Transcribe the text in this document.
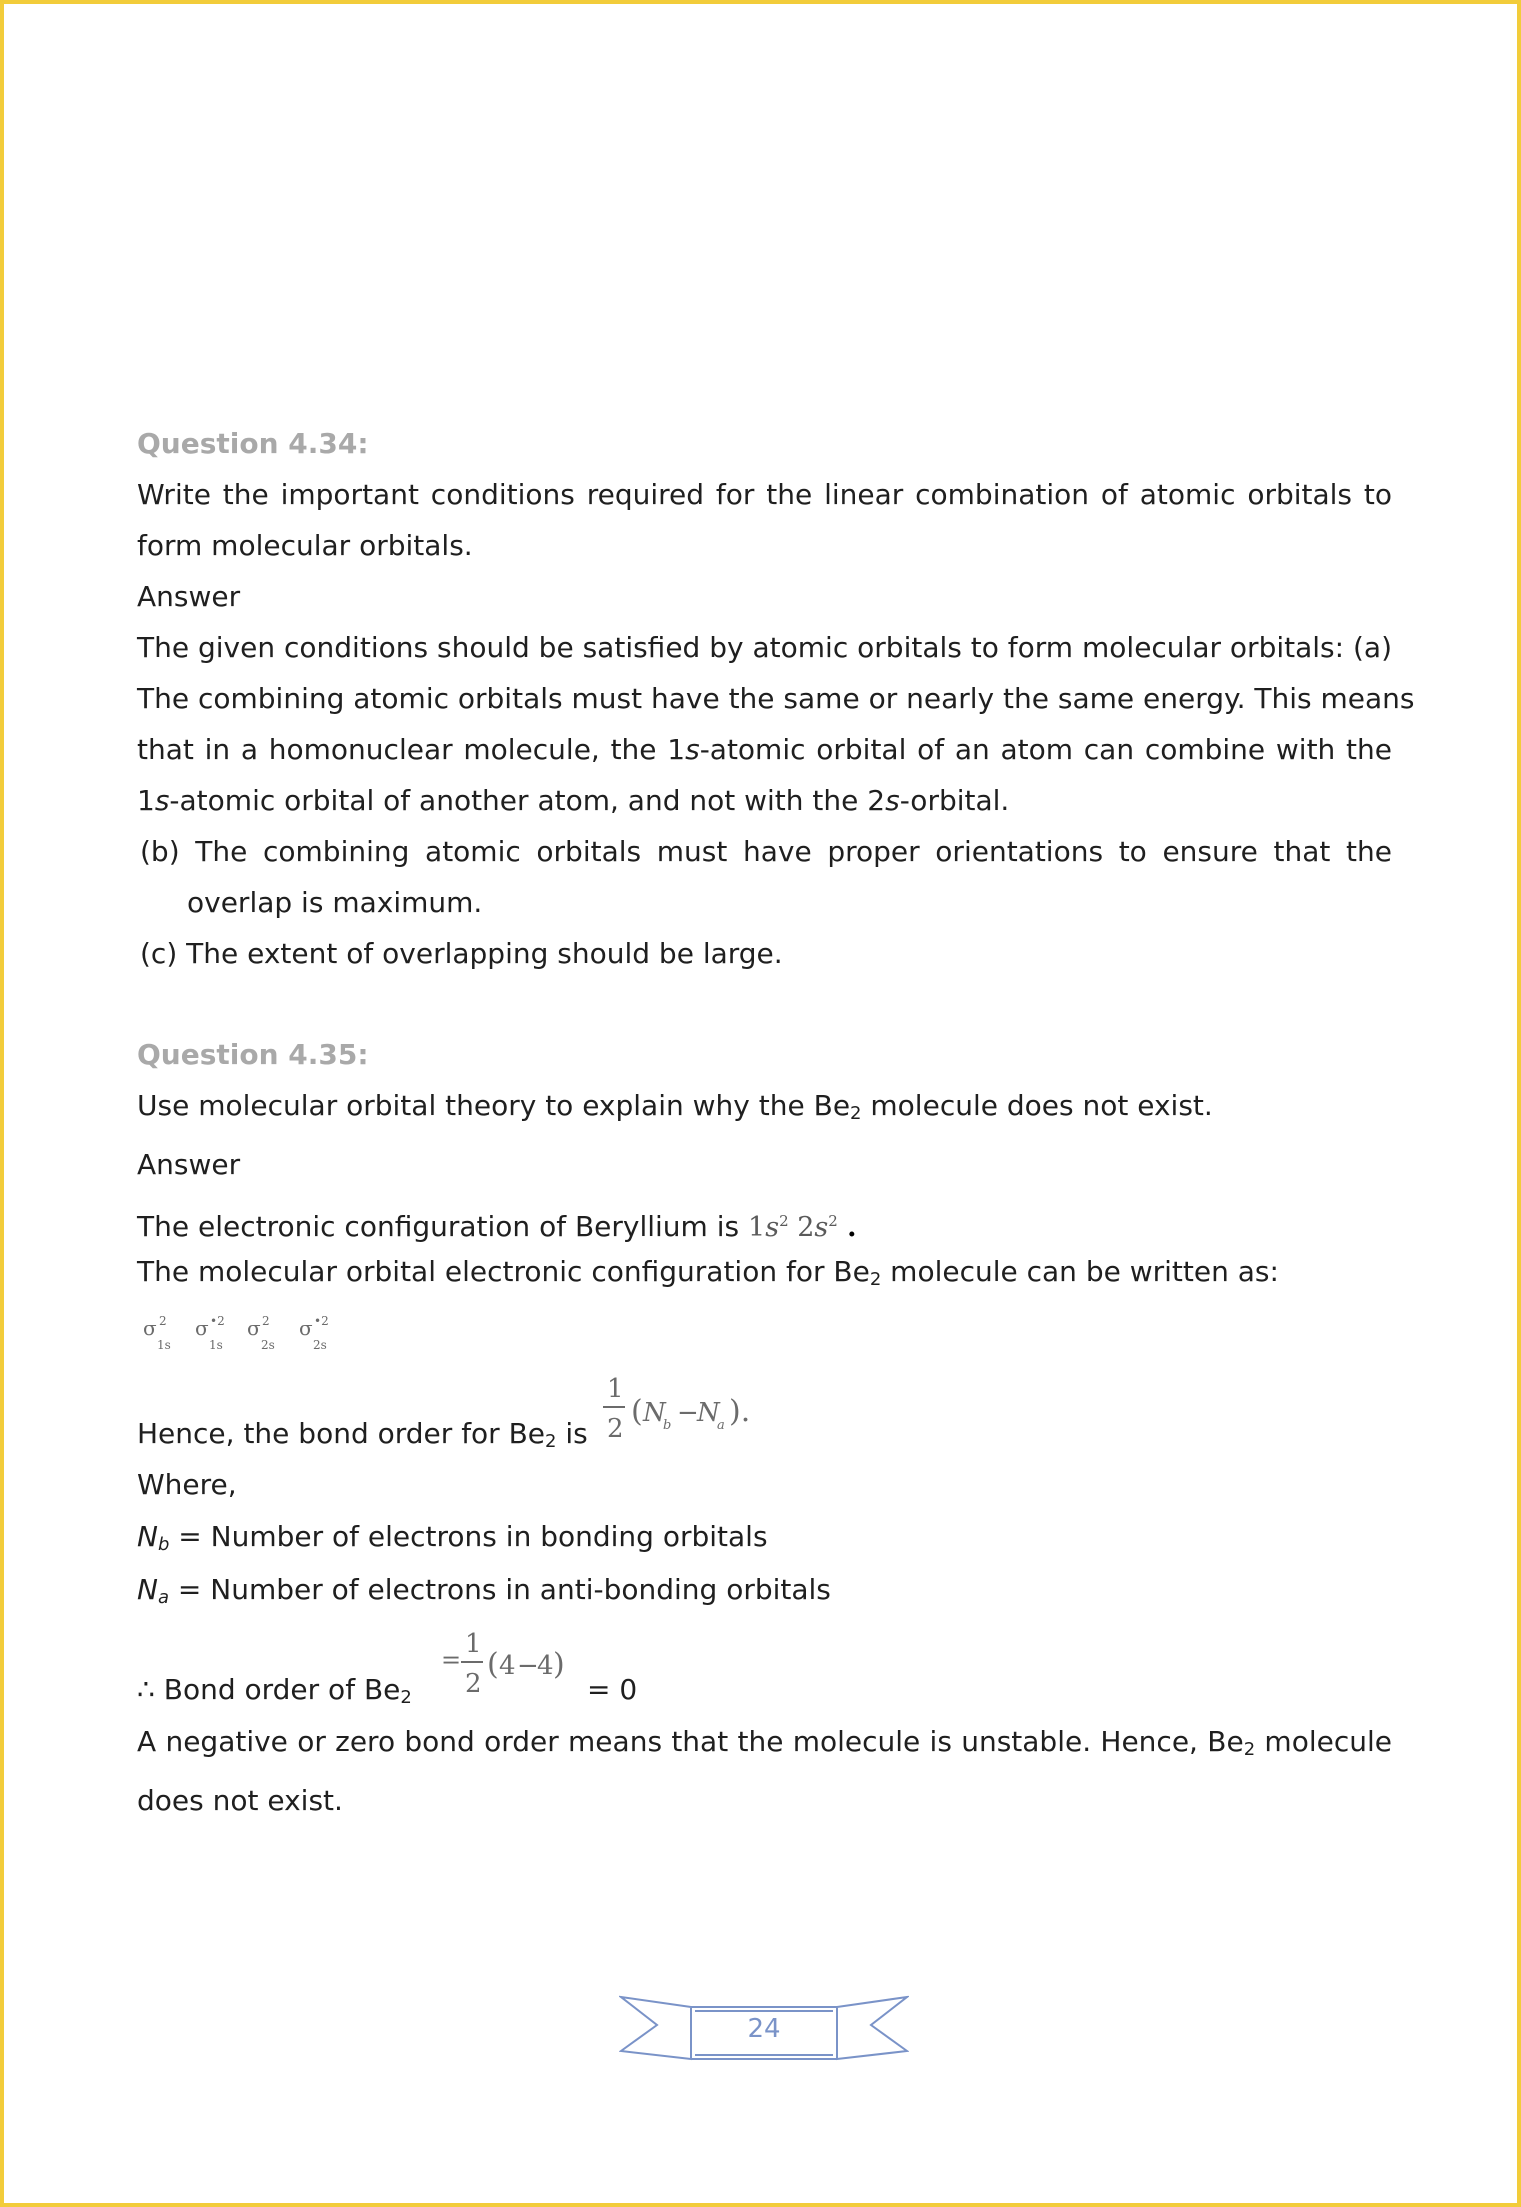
Question 4.34:
Write the important conditions required for the linear combination of atomic orbitals to form molecular orbitals.
Answer
The given conditions should be satisfied by atomic orbitals to form molecular orbitals: (a)
The combining atomic orbitals must have the same or nearly the same energy. This means
that in a homonuclear molecule, the 1s-atomic orbital of an atom can combine with the
1s-atomic orbital of another atom, and not with the 2s-orbital.
(b) The combining atomic orbitals must have proper orientations to ensure that the overlap is maximum.
(c) The extent of overlapping should be large.
Question 4.35:
Use molecular orbital theory to explain why the $Be_2$ molecule does not exist.
Answer
The electronic configuration of Beryllium is $1s^2$ $2s^2$ .
The molecular orbital electronic configuration for $Be_2$ molecule can be written as:
σ 2
1s
σ •2
1s
σ 2
2s
σ •2
2s
Hence, the bond order for $Be_2$ is
1
2 ( N
b −
N
a ).
Where,
$N_b$ = Number of electrons in bonding orbitals
$N_a$ = Number of electrons in anti-bonding orbitals
∴ Bond order of $Be_2$
=
1
2
( 4 −
4 )
= 0
A negative or zero bond order means that the molecule is unstable. Hence, $Be_2$ molecule does not exist.
24
